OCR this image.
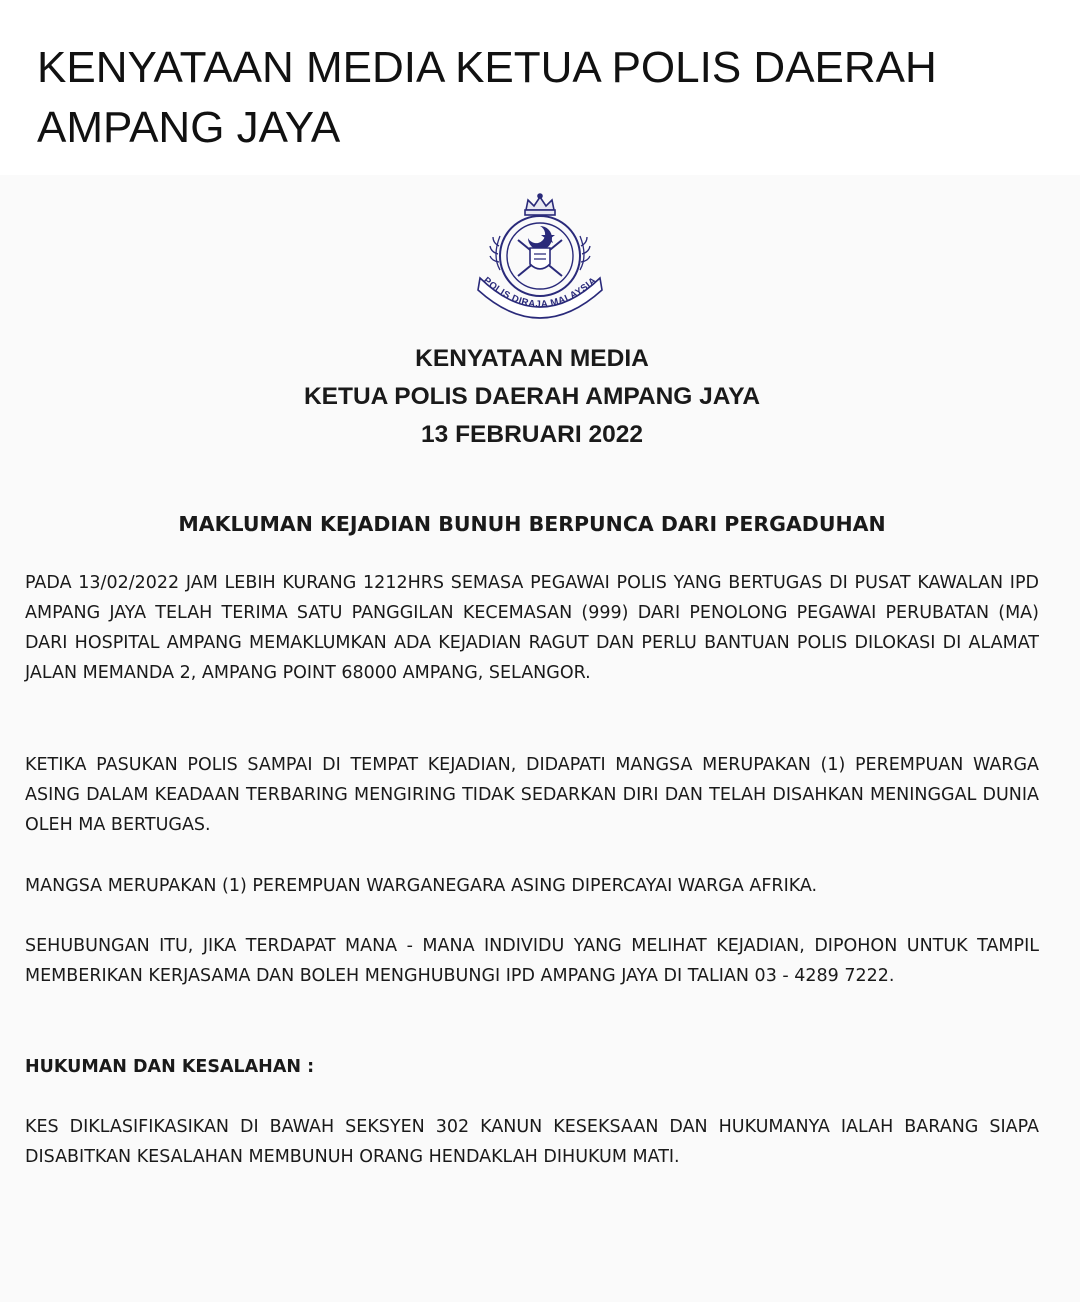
KENYATAAN MEDIA KETUA POLIS DAERAH AMPANG JAYA
POLIS DIRAJA MALAYSIA
KENYATAAN MEDIA
KETUA POLIS DAERAH AMPANG JAYA
13 FEBRUARI 2022
MAKLUMAN KEJADIAN BUNUH BERPUNCA DARI PERGADUHAN

PADA 13/02/2022 JAM LEBIH KURANG 1212HRS SEMASA PEGAWAI POLIS YANG BERTUGAS DI PUSAT KAWALAN IPD AMPANG JAYA TELAH TERIMA SATU PANGGILAN KECEMASAN (999) DARI PENOLONG PEGAWAI PERUBATAN (MA) DARI HOSPITAL AMPANG MEMAKLUMKAN ADA KEJADIAN RAGUT DAN PERLU BANTUAN POLIS DILOKASI DI ALAMAT JALAN MEMANDA 2, AMPANG POINT 68000 AMPANG, SELANGOR.

KETIKA PASUKAN POLIS SAMPAI DI TEMPAT KEJADIAN, DIDAPATI MANGSA MERUPAKAN (1) PEREMPUAN WARGA ASING DALAM KEADAAN TERBARING MENGIRING TIDAK SEDARKAN DIRI DAN TELAH DISAHKAN MENINGGAL DUNIA OLEH MA BERTUGAS.

MANGSA MERUPAKAN (1) PEREMPUAN WARGANEGARA ASING DIPERCAYAI WARGA AFRIKA.

SEHUBUNGAN ITU, JIKA TERDAPAT MANA - MANA INDIVIDU YANG MELIHAT KEJADIAN, DIPOHON UNTUK TAMPIL MEMBERIKAN KERJASAMA DAN BOLEH MENGHUBUNGI IPD AMPANG JAYA DI TALIAN 03 - 4289 7222.

HUKUMAN DAN KESALAHAN :

KES DIKLASIFIKASIKAN DI BAWAH SEKSYEN 302 KANUN KESEKSAAN DAN HUKUMANYA IALAH BARANG SIAPA DISABITKAN KESALAHAN MEMBUNUH ORANG HENDAKLAH DIHUKUM MATI.
